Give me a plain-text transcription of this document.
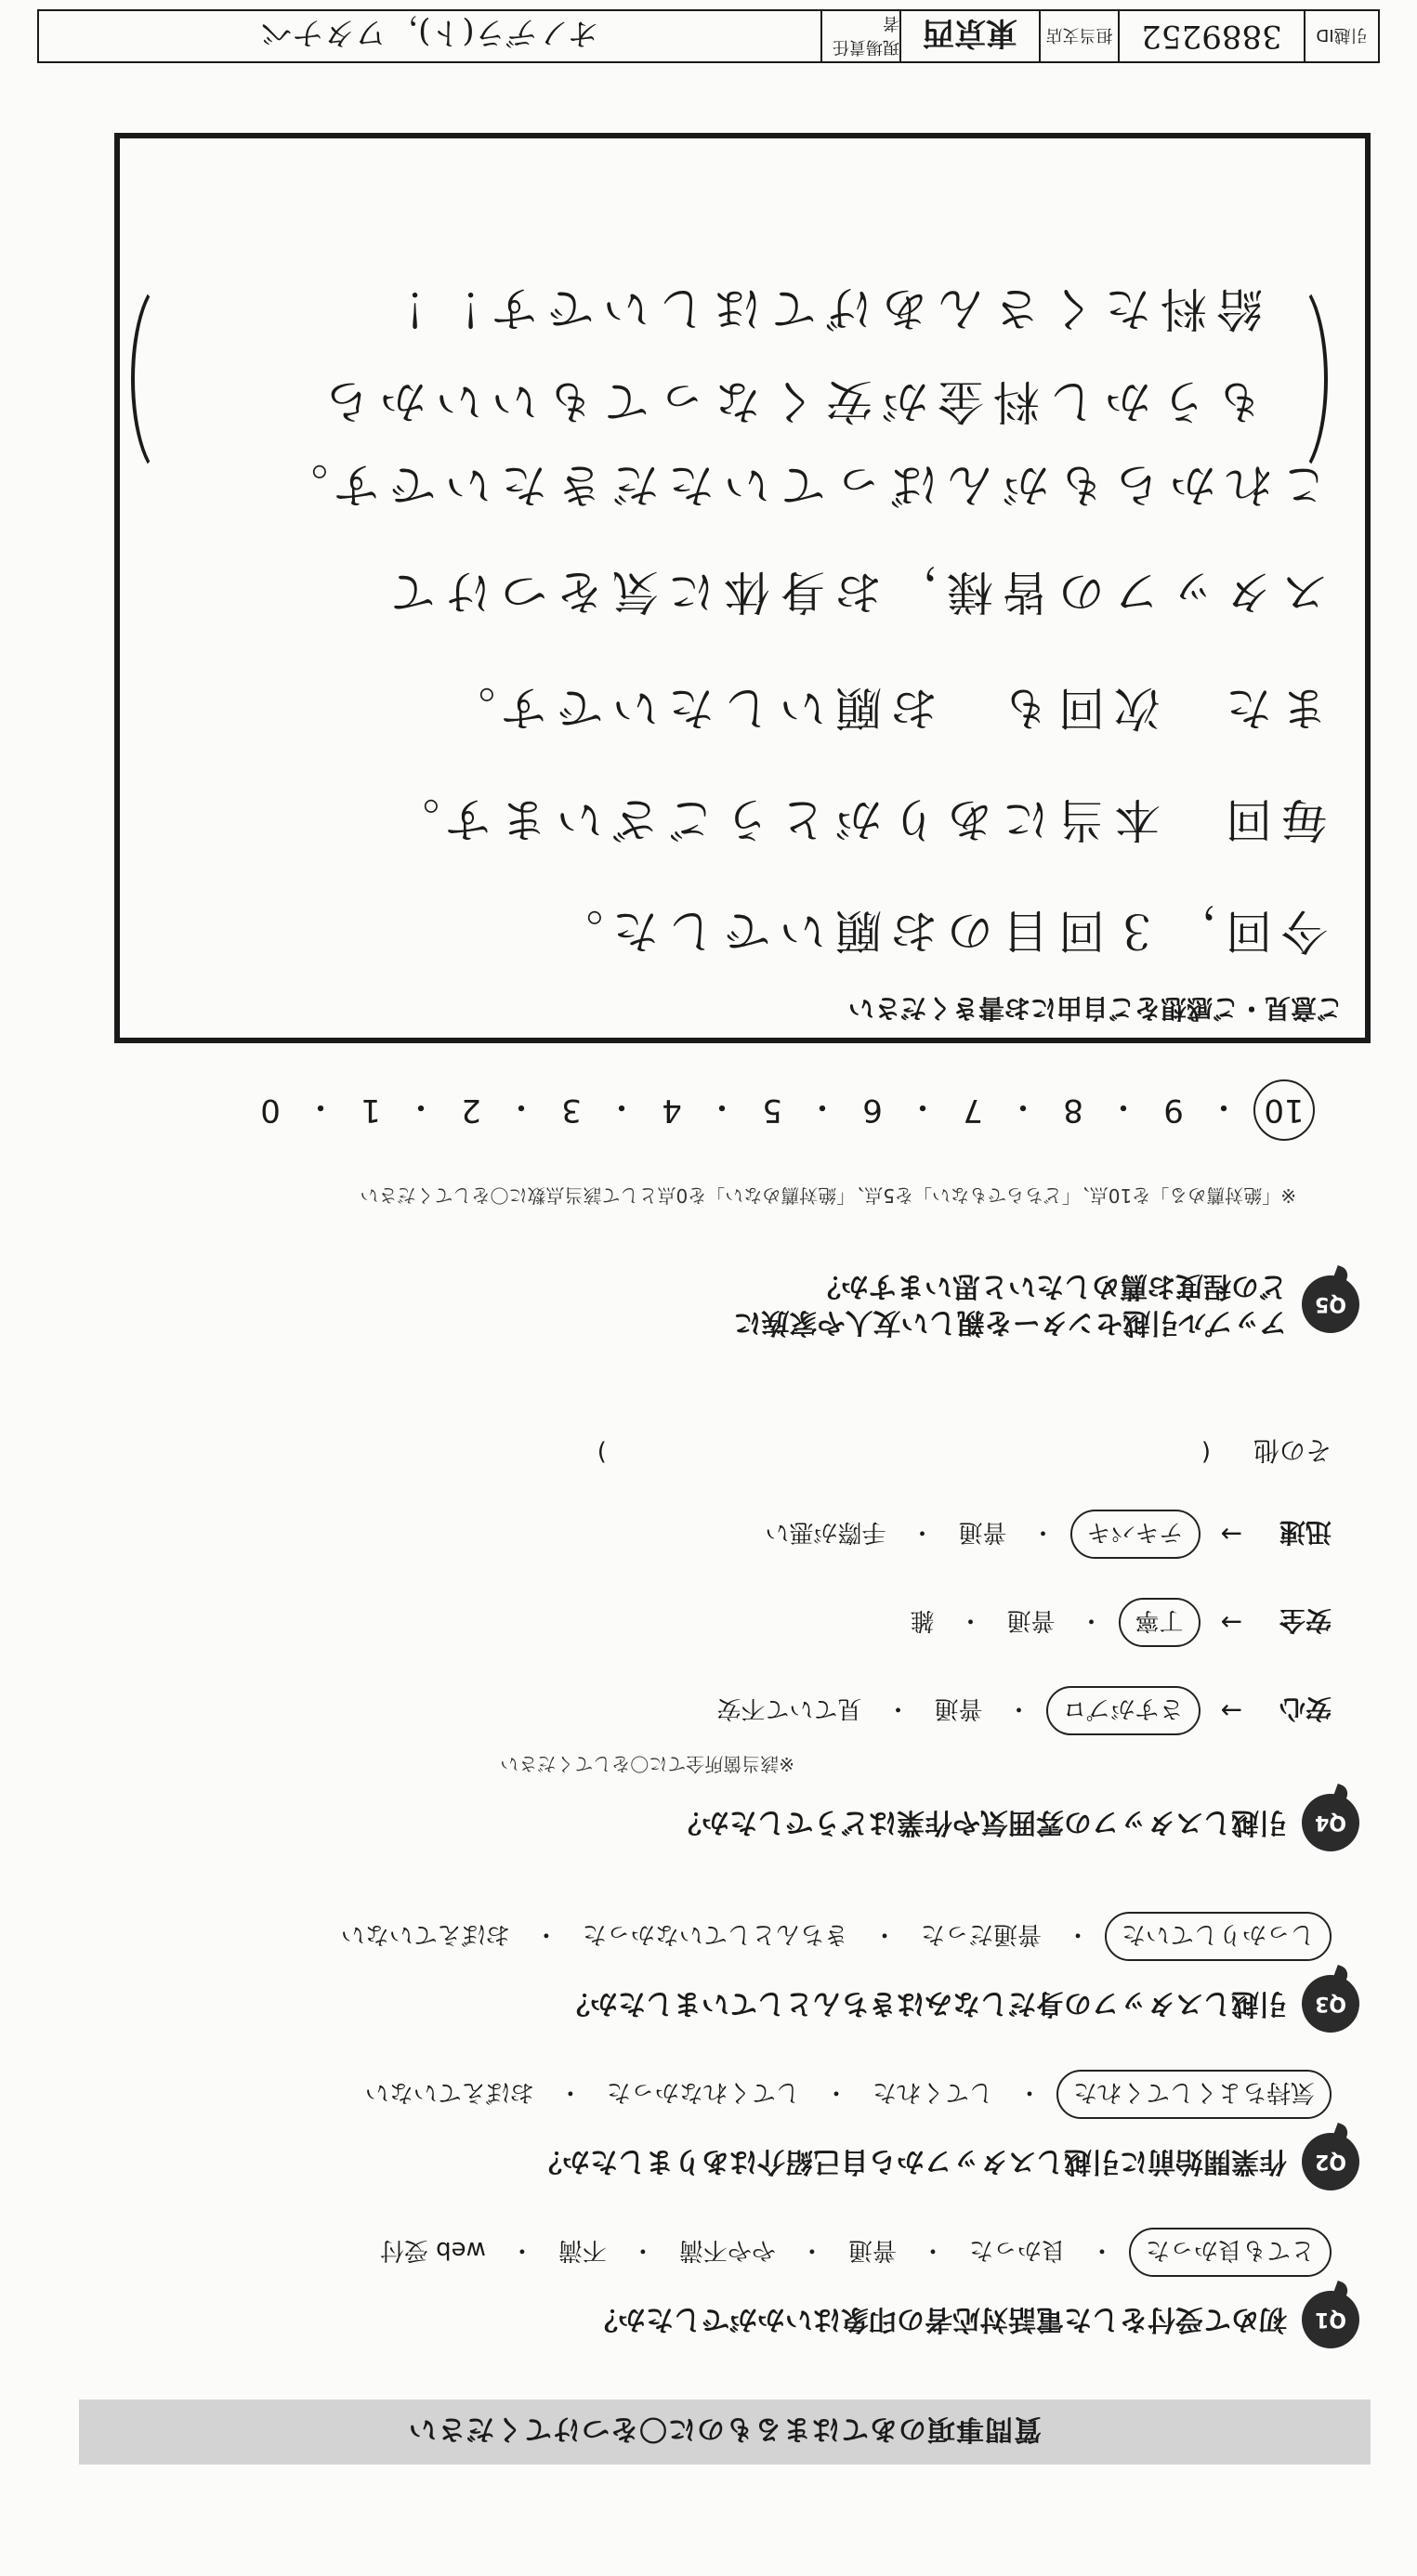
質問事項のあてはまるものに〇をつけてください
Q1
初めて受付をした電話対応者の印象はいかがでしたか？
とても良かった
・
良かった
・
普通
・
やや不満
・
不満
・
web 受付
Q2
作業開始前に引越しスタッフから自己紹介はありましたか？
気持ちよくしてくれた
・
してくれた
・
してくれなかった
・
おぼえていない
Q3
引越しスタッフの身だしなみはきちんとしていましたか？
しっかりしていた
・
普通だった
・
きちんとしていなかった
・
おぼえていない
Q4
引越しスタッフの雰囲気や作業はどうでしたか？
※該当箇所全てに〇をしてください
安心
→
さすがプロ
・
普通
・
見ていて不安
安全
→
丁寧
・
普通
・
雑
迅速
→
テキパキ
・
普通
・
手際が悪い
その他
(
)
Q5
アップル引越センターを親しい友人や家族に
どの程度お薦めしたいと思いますか？
※「絶対薦める」を10点、「どちらでもない」を5点、「絶対薦めない」を0点として該当点数に〇をしてください
10
・
9
・
8
・
7
・
6
・
5
・
4
・
3
・
2
・
1
・
0
ご意見・ご感想をご自由にお書きください
今回，３回目のお願いでした。
毎回　本当にありがとうございます。
また　次回も　お願いしたいです。
スタッフの皆様，お身体に気をつけて
これからもがんばっていただきたいです。
もうかし料金が安くなってもいいから
給料たくさんあげてほしいです！！
引越ID
3889252
担当支店
東京西
現場責任者
オノデラ(ト)，ワタナベ
